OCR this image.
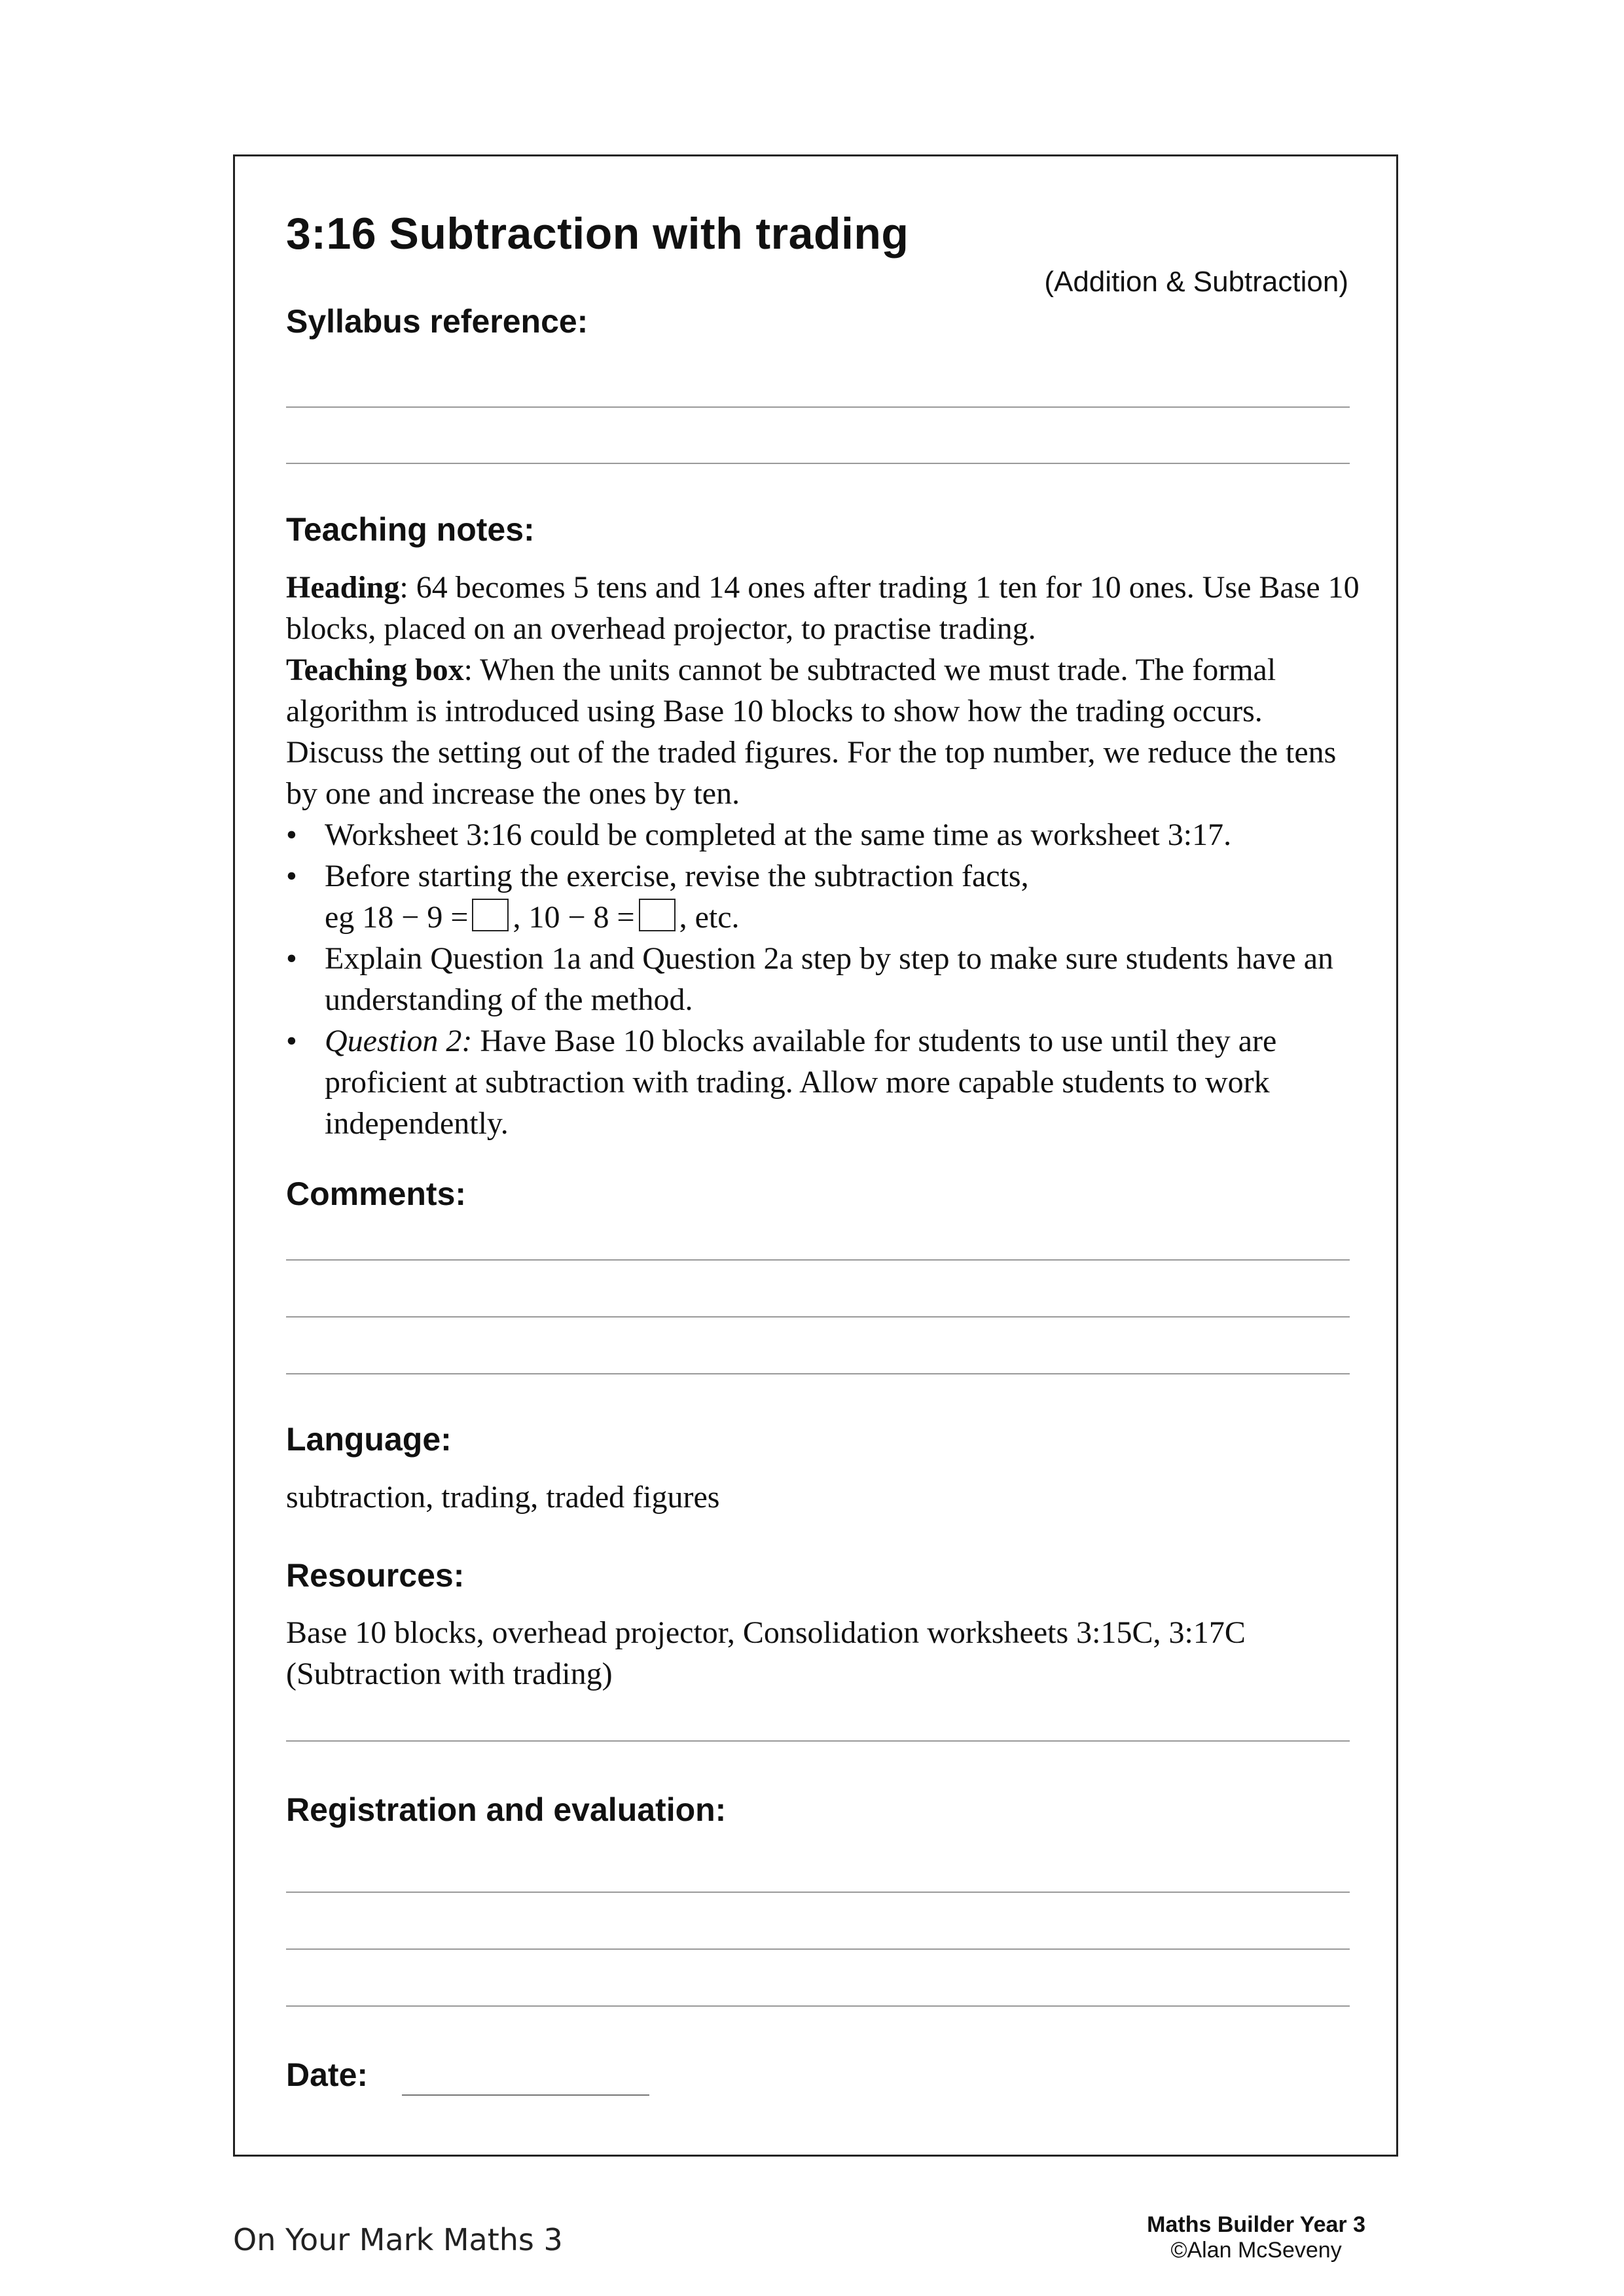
3:16 Subtraction with trading
(Addition & Subtraction)
Syllabus reference:
Teaching notes:

Heading: 64 becomes 5 tens and 14 ones after trading 1 ten for 10 ones. Use Base 10 blocks, placed on an overhead projector, to practise trading.

Teaching box: When the units cannot be subtracted we must trade. The formal algorithm is introduced using Base 10 blocks to show how the trading occurs. Discuss the setting out of the traded figures. For the top number, we reduce the tens by one and increase the ones by ten.

• Worksheet 3:16 could be completed at the same time as worksheet 3:17.
• Before starting the exercise, revise the subtraction facts,
eg 18 − 9 = , 10 − 8 = , etc.
• Explain Question 1a and Question 2a step by step to make sure students have an understanding of the method.
• Question 2: Have Base 10 blocks available for students to use until they are proficient at subtraction with trading. Allow more capable students to work independently.
Comments:
Language:
subtraction, trading, traded figures
Resources:
Base 10 blocks, overhead projector, Consolidation worksheets 3:15C, 3:17C (Subtraction with trading)
Registration and evaluation:
Date:
On Your Mark Maths 3	Maths Builder Year 3
©Alan McSeveny
